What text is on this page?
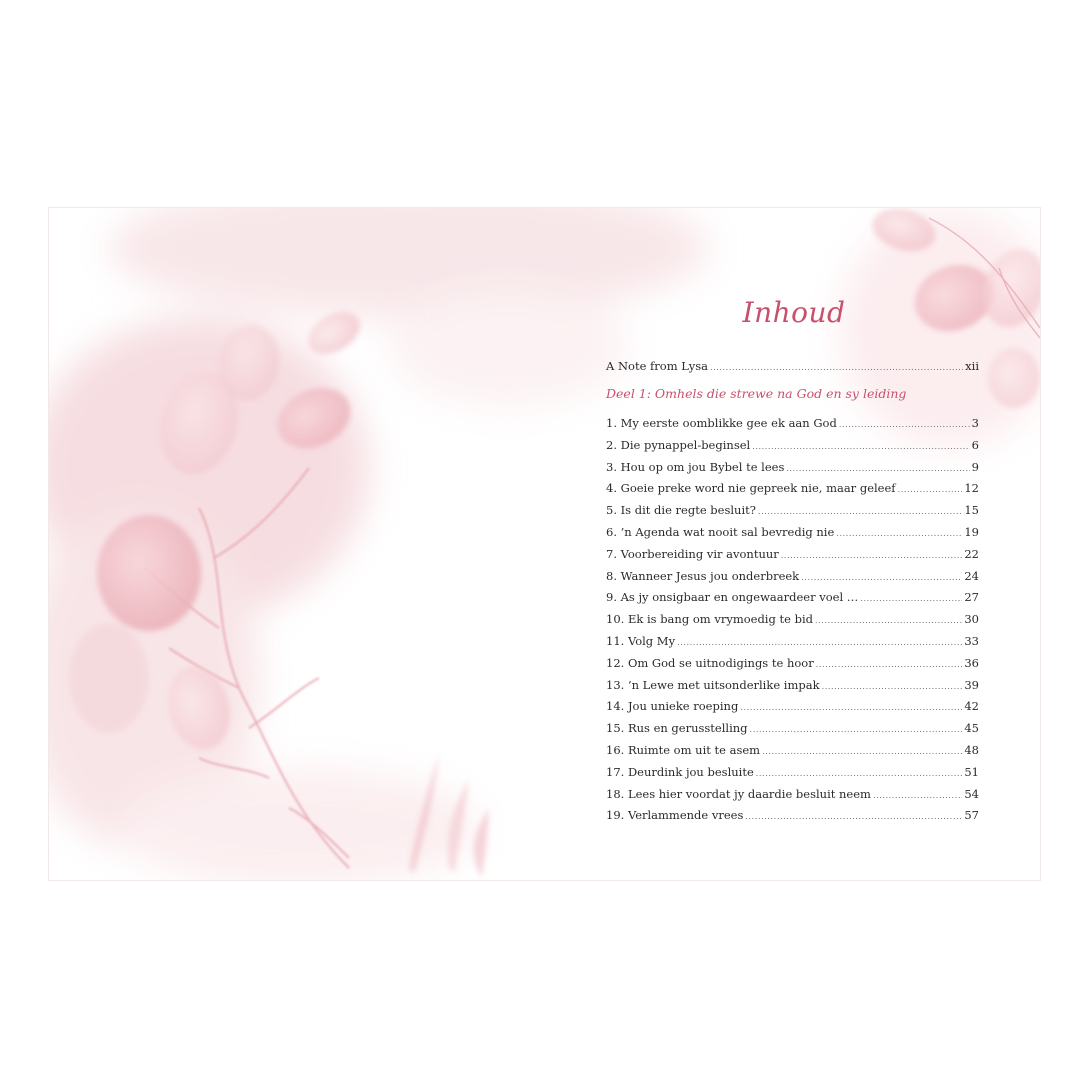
Inhoud
A Note from Lysa .....	xii
Deel 1: Omhels die strewe na God en sy leiding
1. My eerste oomblikke gee ek aan God .....	3
2. Die pynappel-beginsel .....	6
3. Hou op om jou Bybel te lees .....	9
4. Goeie preke word nie gepreek nie, maar geleef .....	12
5. Is dit die regte besluit? .....	15
6. ’n Agenda wat nooit sal bevredig nie .....	19
7. Voorbereiding vir avontuur .....	22
8. Wanneer Jesus jou onderbreek .....	24
9. As jy onsigbaar en ongewaardeer voel … .....	27
10. Ek is bang om vrymoedig te bid .....	30
11. Volg My .....	33
12. Om God se uitnodigings te hoor .....	36
13. ’n Lewe met uitsonderlike impak .....	39
14. Jou unieke roeping .....	42
15. Rus en gerusstelling .....	45
16. Ruimte om uit te asem .....	48
17. Deurdink jou besluite .....	51
18. Lees hier voordat jy daardie besluit neem .....	54
19. Verlammende vrees .....	57
